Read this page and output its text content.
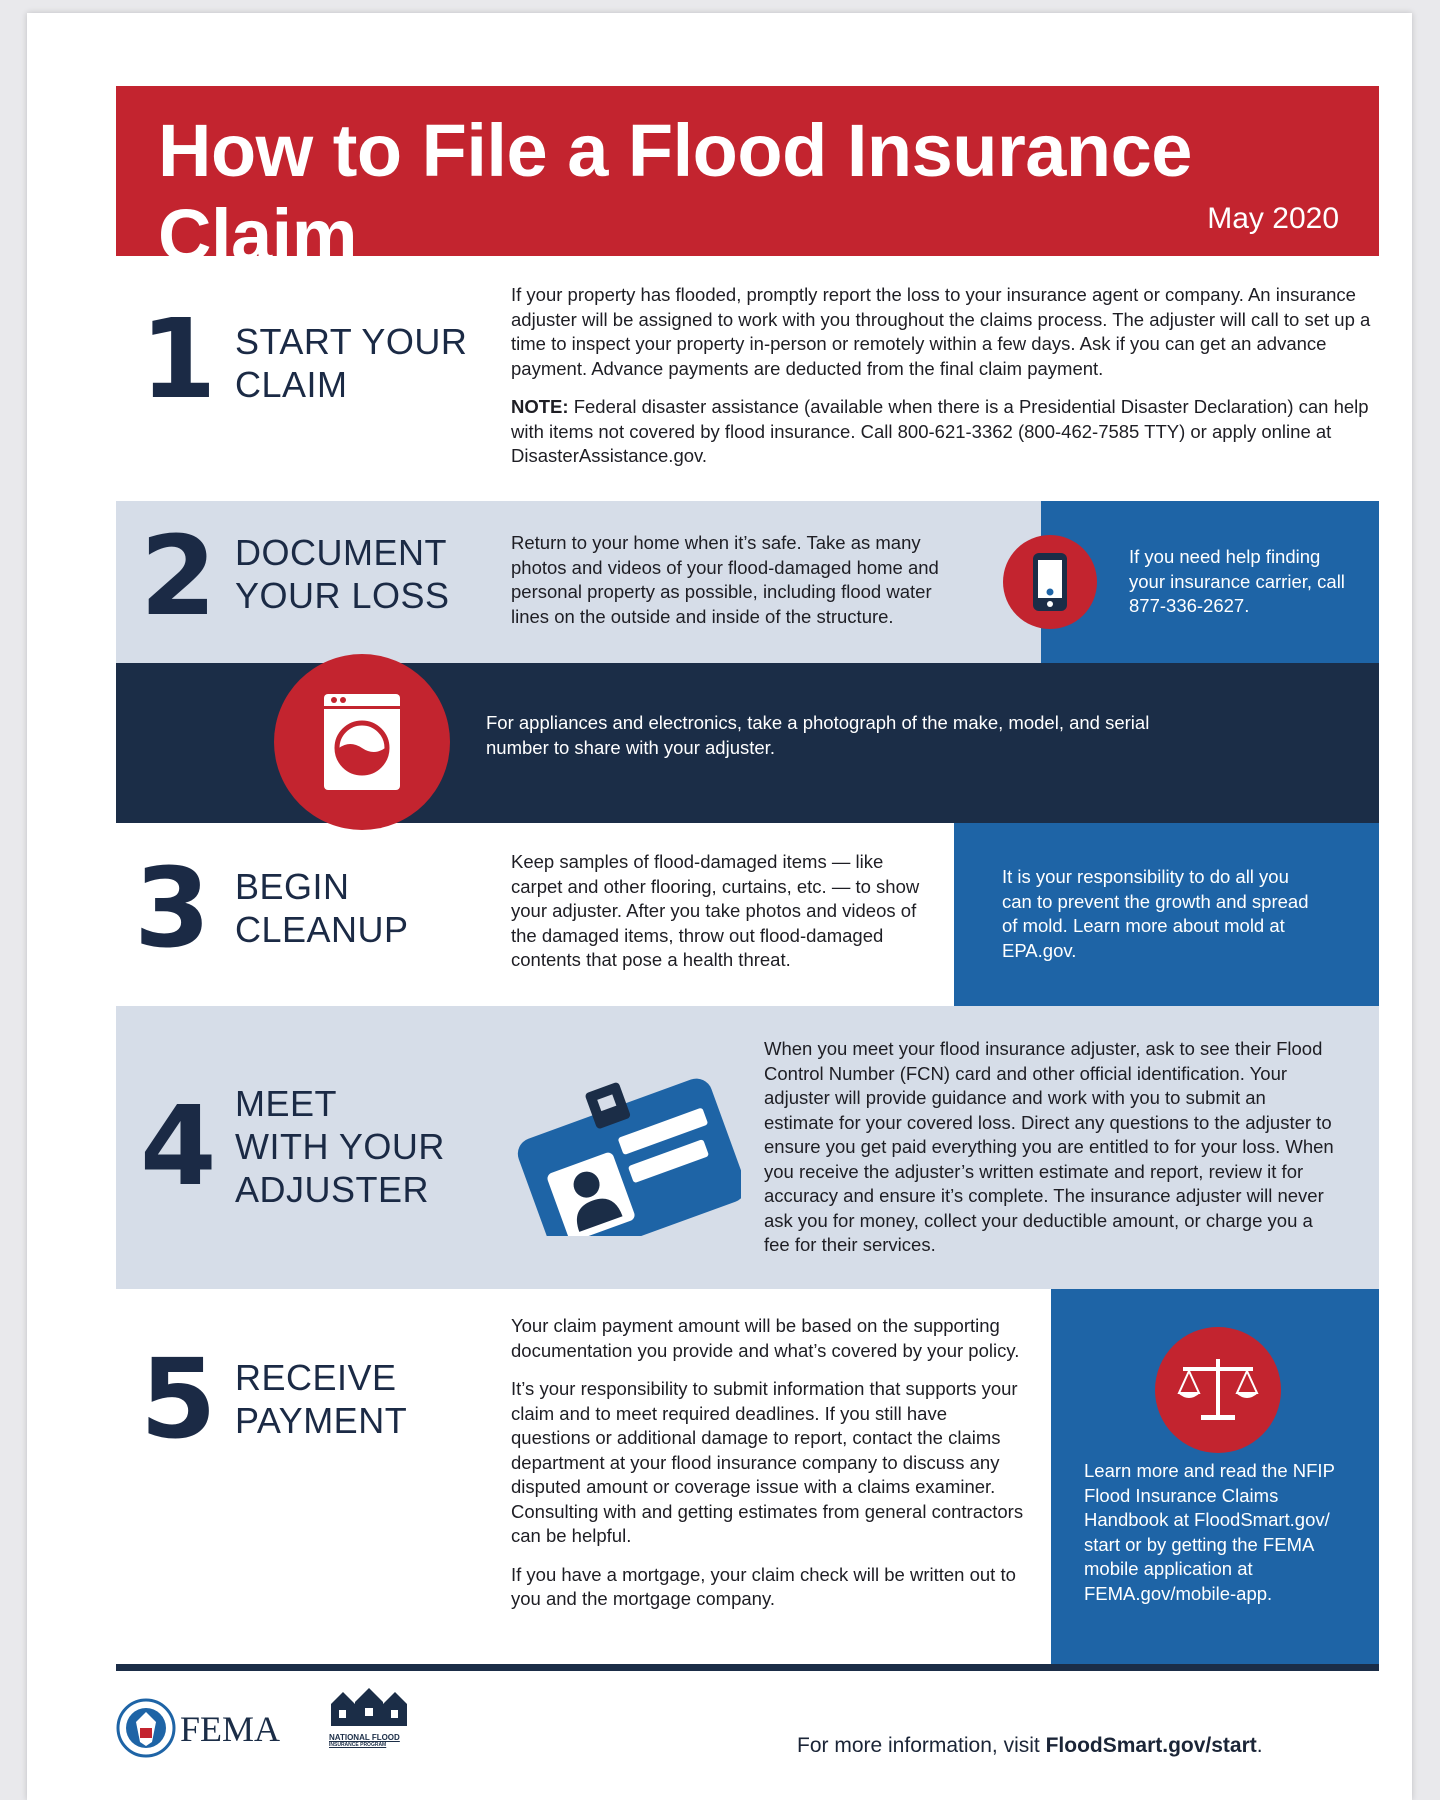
How to File a Flood Insurance Claim	May 2020
1 START YOUR
CLAIM

If your property has flooded, promptly report the loss to your insurance agent or company. An insurance adjuster will be assigned to work with you throughout the claims process. The adjuster will call to set up a time to inspect your property in-person or remotely within a few days. Ask if you can get an advance payment. Advance payments are deducted from the final claim payment.

NOTE: Federal disaster assistance (available when there is a Presidential Disaster Declaration) can help with items not covered by flood insurance. Call 800-621-3362 (800-462-7585 TTY) or apply online at DisasterAssistance.gov.

2 DOCUMENT
YOUR LOSS
Return to your home when it’s safe. Take as many photos and videos of your flood-damaged home and personal property as possible, including flood water lines on the outside and inside of the structure.
If you need help finding your insurance carrier, call 877-336-2627.
For appliances and electronics, take a photograph of the make, model, and serial number to share with your adjuster.
3 BEGIN
CLEANUP
Keep samples of flood-damaged items — like carpet and other flooring, curtains, etc. — to show your adjuster. After you take photos and videos of the damaged items, throw out flood-damaged contents that pose a health threat.
It is your responsibility to do all you can to prevent the growth and spread of mold. Learn more about mold at EPA.gov.
4 MEET
WITH YOUR
ADJUSTER
When you meet your flood insurance adjuster, ask to see their Flood Control Number (FCN) card and other official identification. Your adjuster will provide guidance and work with you to submit an estimate for your covered loss. Direct any questions to the adjuster to ensure you get paid everything you are entitled to for your loss. When you receive the adjuster’s written estimate and report, review it for accuracy and ensure it’s complete. The insurance adjuster will never ask you for money, collect your deductible amount, or charge you a fee for their services.
5 RECEIVE
PAYMENT

Your claim payment amount will be based on the supporting documentation you provide and what’s covered by your policy.

It’s your responsibility to submit information that supports your claim and to meet required deadlines. If you still have questions or additional damage to report, contact the claims department at your flood insurance company to discuss any disputed amount or coverage issue with a claims examiner. Consulting with and getting estimates from general contractors can be helpful.

If you have a mortgage, your claim check will be written out to you and the mortgage company.

Learn more and read the NFIP Flood Insurance Claims Handbook at FloodSmart.gov/ start or by getting the FEMA mobile application at FEMA.gov/mobile-app.
FEMA	NATIONAL FLOOD
INSURANCE PROGRAM	For more information, visit FloodSmart.gov/start.
